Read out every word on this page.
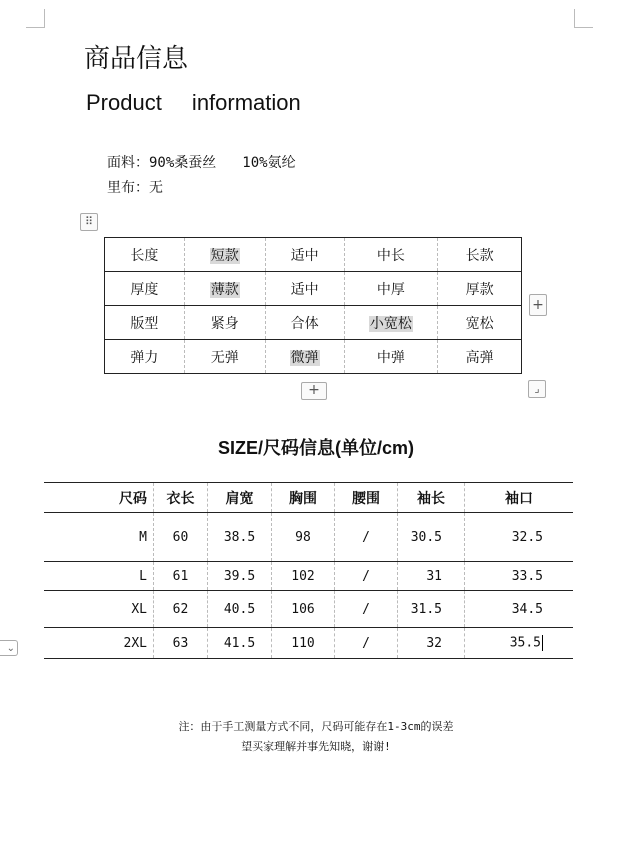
商品信息
Product information
面料：90%桑蚕丝 10%氨纶
里布：无
⠿
长度	短款	适中	中长	长款
厚度	薄款	适中	中厚	厚款
版型	紧身	合体	小宽松	宽松
弹力	无弹	微弹	中弹	高弹
+
+	⌟
SIZE/尺码信息(单位/cm)
尺码	衣长	肩宽	胸围	腰围	袖长	袖口
M	60	38.5	98	/	30.5	32.5
L	61	39.5	102	/	31	33.5
XL	62	40.5	106	/	31.5	34.5
2XL	63	41.5	110	/	32	35.5
⌄
注：由于手工测量方式不同，尺码可能存在1-3cm的误差
望买家理解并事先知晓，谢谢!
